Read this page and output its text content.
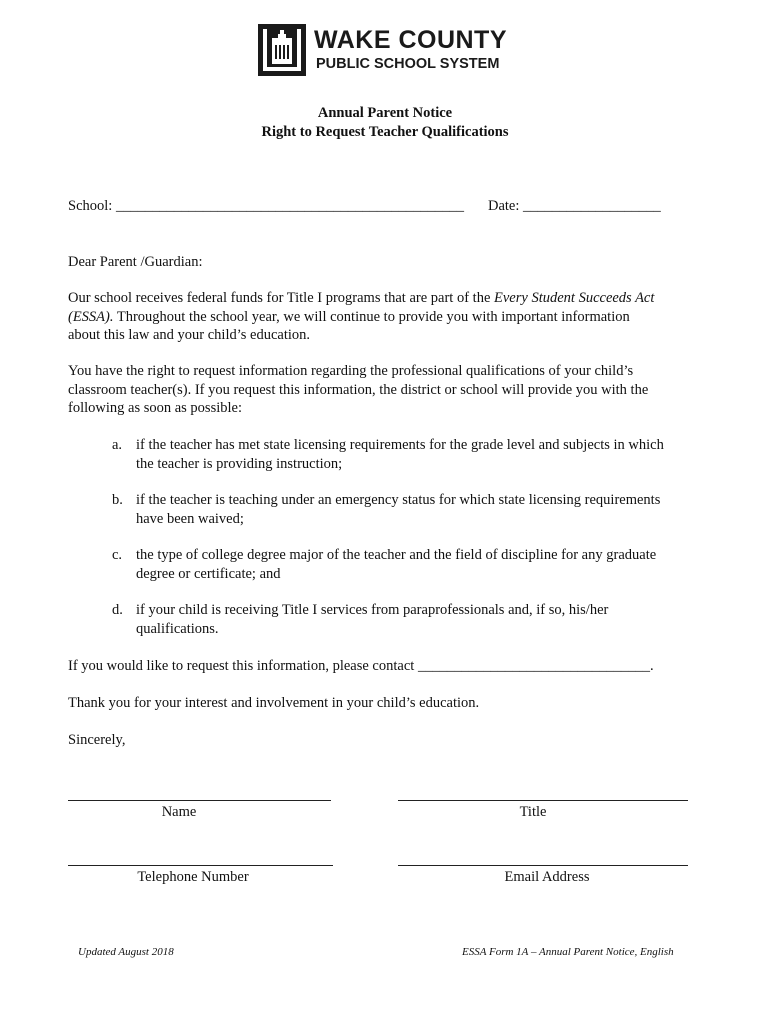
WAKE COUNTY
PUBLIC SCHOOL SYSTEM
Annual Parent Notice
Right to Request Teacher Qualifications
School: ________________________________________________ Date: ___________________
Dear Parent /Guardian:
Our school receives federal funds for Title I programs that are part of the Every Student Succeeds Act
(ESSA). Throughout the school year, we will continue to provide you with important information
about this law and your child’s education.
You have the right to request information regarding the professional qualifications of your child’s
classroom teacher(s). If you request this information, the district or school will provide you with the
following as soon as possible:
a. if the teacher has met state licensing requirements for the grade level and subjects in which
the teacher is providing instruction;
b. if the teacher is teaching under an emergency status for which state licensing requirements
have been waived;
c. the type of college degree major of the teacher and the field of discipline for any graduate
degree or certificate; and
d. if your child is receiving Title I services from paraprofessionals and, if so, his/her
qualifications.
If you would like to request this information, please contact ________________________________.
Thank you for your interest and involvement in your child’s education.
Sincerely,
Name	Title
Telephone Number	Email Address
Updated August 2018	ESSA Form 1A – Annual Parent Notice, English
